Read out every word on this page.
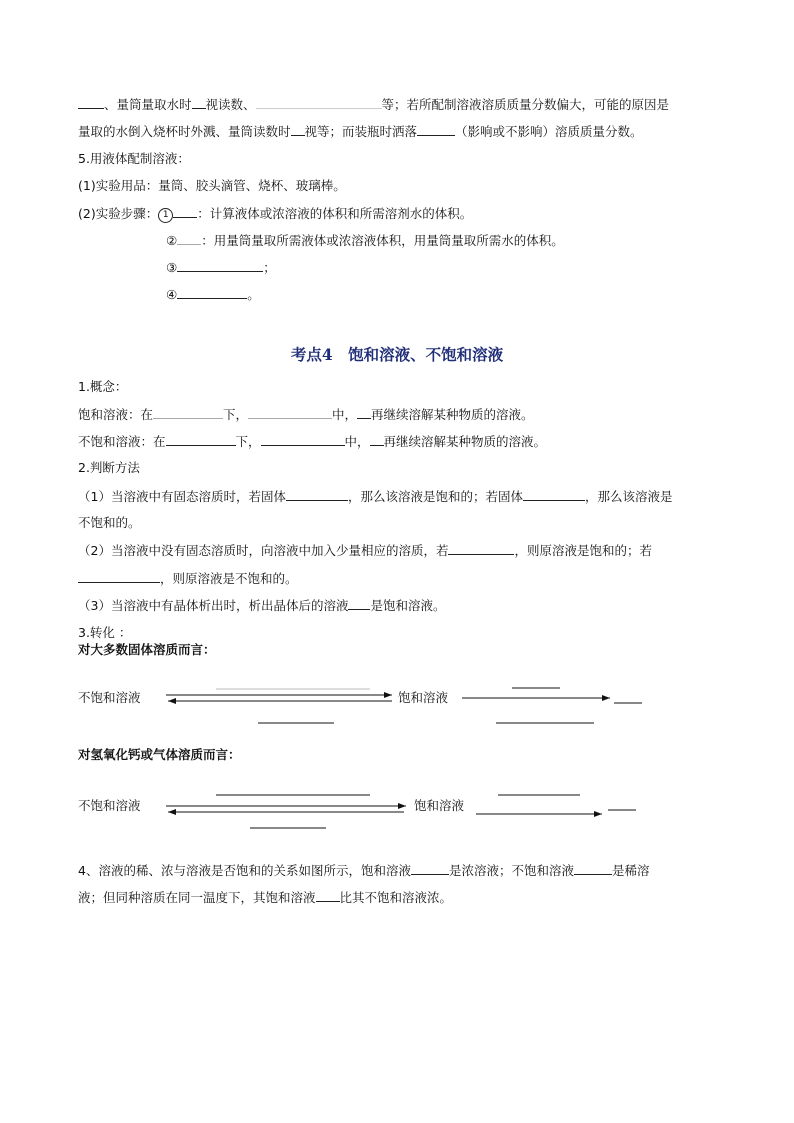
、量筒量取水时 视读数、	等；若所配制溶液溶质质量分数偏大，可能的原因是
量取的水倒入烧杯时外溅、量筒读数时 视等；而装瓶时洒落	（影响或不影响）溶质质量分数。
5.用液体配制溶液：
(1)实验用品：量筒、胶头滴管、烧杯、玻璃棒。
(2)实验步骤： 1 ：计算液体或浓溶液的体积和所需溶剂水的体积。
② ：用量筒量取所需液体或浓溶液体积，用量筒量取所需水的体积。
③	；
④	。
考点4　饱和溶液、不饱和溶液
1.概念：
饱和溶液：在	下，	中， 再继续溶解某种物质的溶液。
不饱和溶液：在	下，	中， 再继续溶解某种物质的溶液。
2.判断方法
（1）当溶液中有固态溶质时，若固体	，那么该溶液是饱和的；若固体	，那么该溶液是
不饱和的。
（2）当溶液中没有固态溶质时，向溶液中加入少量相应的溶质，若	，则原溶液是饱和的；若
，则原溶液是不饱和的。
（3）当溶液中有晶体析出时，析出晶体后的溶液 是饱和溶液。
3.转化 ：
对大多数固体溶质而言：
不饱和溶液	饱和溶液
对氢氧化钙或气体溶质而言：
不饱和溶液	饱和溶液
4、溶液的稀、浓与溶液是否饱和的关系如图所示，饱和溶液	是浓溶液；不饱和溶液	是稀溶
液；但同种溶质在同一温度下，其饱和溶液 比其不饱和溶液浓。
